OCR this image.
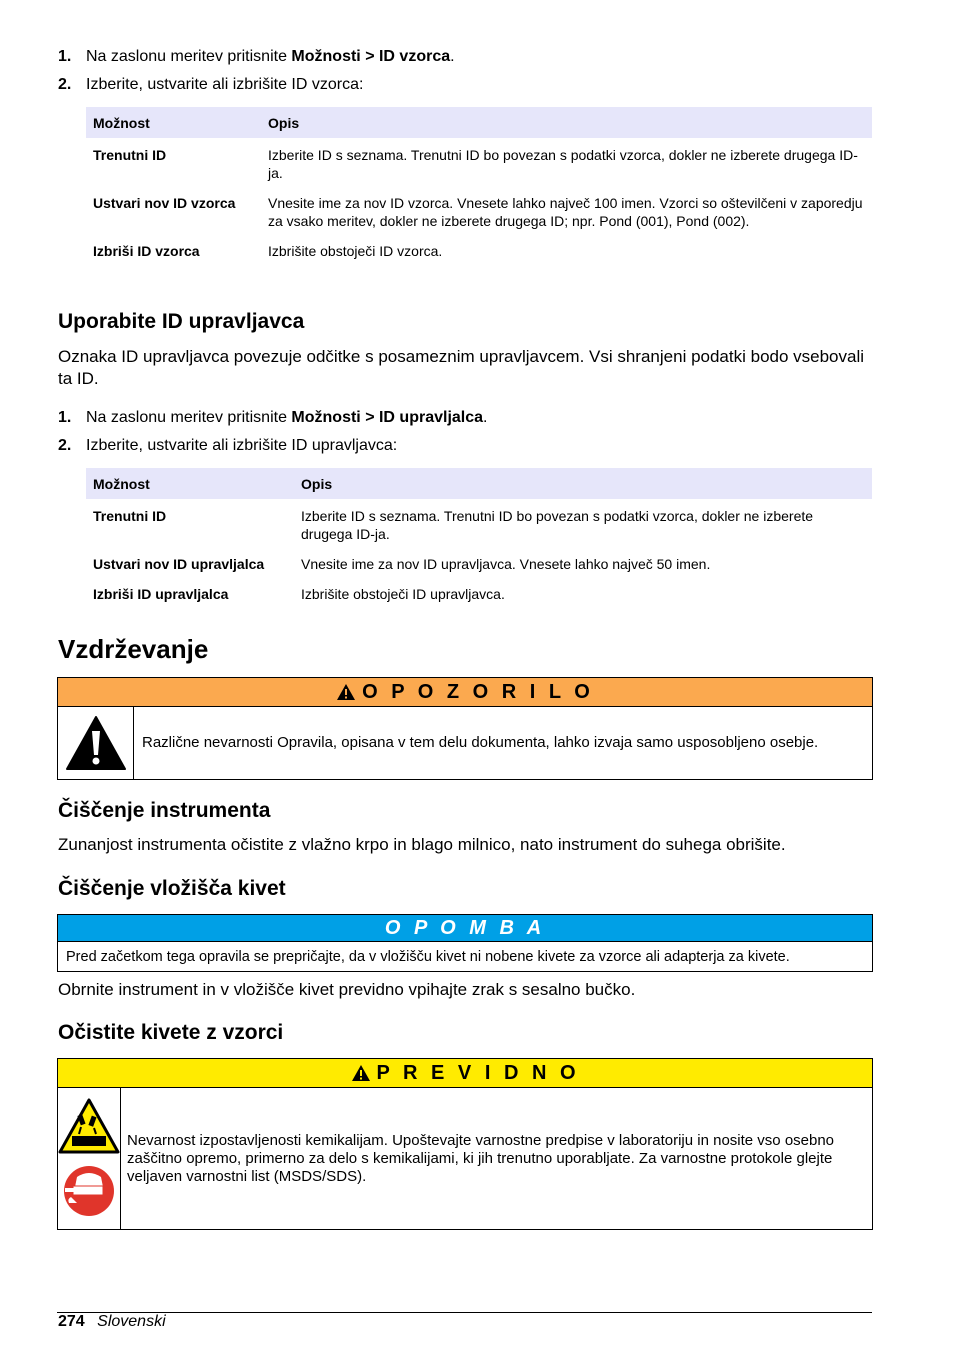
1. Na zaslonu meritev pritisnite Možnosti > ID vzorca.
2. Izberite, ustvarite ali izbrišite ID vzorca:
Možnost	Opis
Trenutni ID	Izberite ID s seznama. Trenutni ID bo povezan s podatki vzorca, dokler ne izberete drugega ID-ja.
Ustvari nov ID vzorca	Vnesite ime za nov ID vzorca. Vnesete lahko največ 100 imen. Vzorci so oštevilčeni v zaporedju za vsako meritev, dokler ne izberete drugega ID; npr. Pond (001), Pond (002).
Izbriši ID vzorca	Izbrišite obstoječi ID vzorca.
Uporabite ID upravljavca

Oznaka ID upravljavca povezuje odčitke s posameznim upravljavcem. Vsi shranjeni podatki bodo vsebovali ta ID.

1. Na zaslonu meritev pritisnite Možnosti > ID upravljalca.
2. Izberite, ustvarite ali izbrišite ID upravljavca:
Možnost	Opis
Trenutni ID	Izberite ID s seznama. Trenutni ID bo povezan s podatki vzorca, dokler ne izberete drugega ID-ja.
Ustvari nov ID upravljalca	Vnesite ime za nov ID upravljavca. Vnesete lahko največ 50 imen.
Izbriši ID upravljalca	Izbrišite obstoječi ID upravljavca.
Vzdrževanje
O P O Z O R I L O
Različne nevarnosti Opravila, opisana v tem delu dokumenta, lahko izvaja samo usposobljeno osebje.
Čiščenje instrumenta

Zunanjost instrumenta očistite z vlažno krpo in blago milnico, nato instrument do suhega obrišite.

Čiščenje vložišča kivet
O P O M B A
Pred začetkom tega opravila se prepričajte, da v vložišču kivet ni nobene kivete za vzorce ali adapterja za kivete.

Obrnite instrument in v vložišče kivet previdno vpihajte zrak s sesalno bučko.

Očistite kivete z vzorci
P R E V I D N O
Nevarnost izpostavljenosti kemikalijam. Upoštevajte varnostne predpise v laboratoriju in nosite vso osebno zaščitno opremo, primerno za delo s kemikalijami, ki jih trenutno uporabljate. Za varnostne protokole glejte veljaven varnostni list (MSDS/SDS).
274 Slovenski
